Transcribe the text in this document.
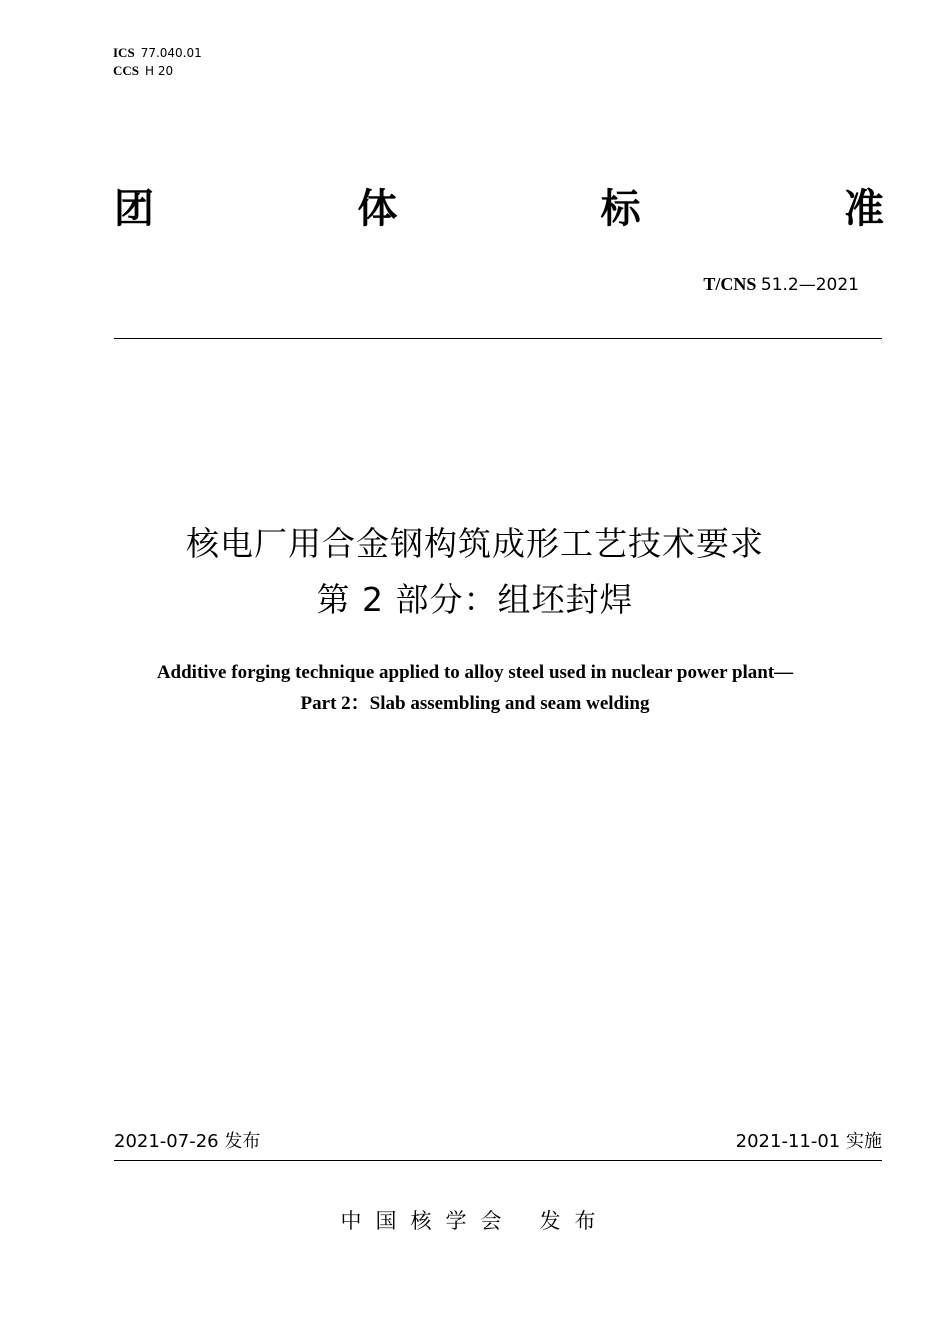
ICS 77.040.01
CCS H 20
团	体	标	准
T/CNS 51.2—2021
核电厂用合金钢构筑成形工艺技术要求
第 2 部分：组坯封焊
Additive forging technique applied to alloy steel used in nuclear power plant—
Part 2：Slab assembling and seam welding
2021-07-26 发布	2021-11-01 实施
中国核学会 发布
